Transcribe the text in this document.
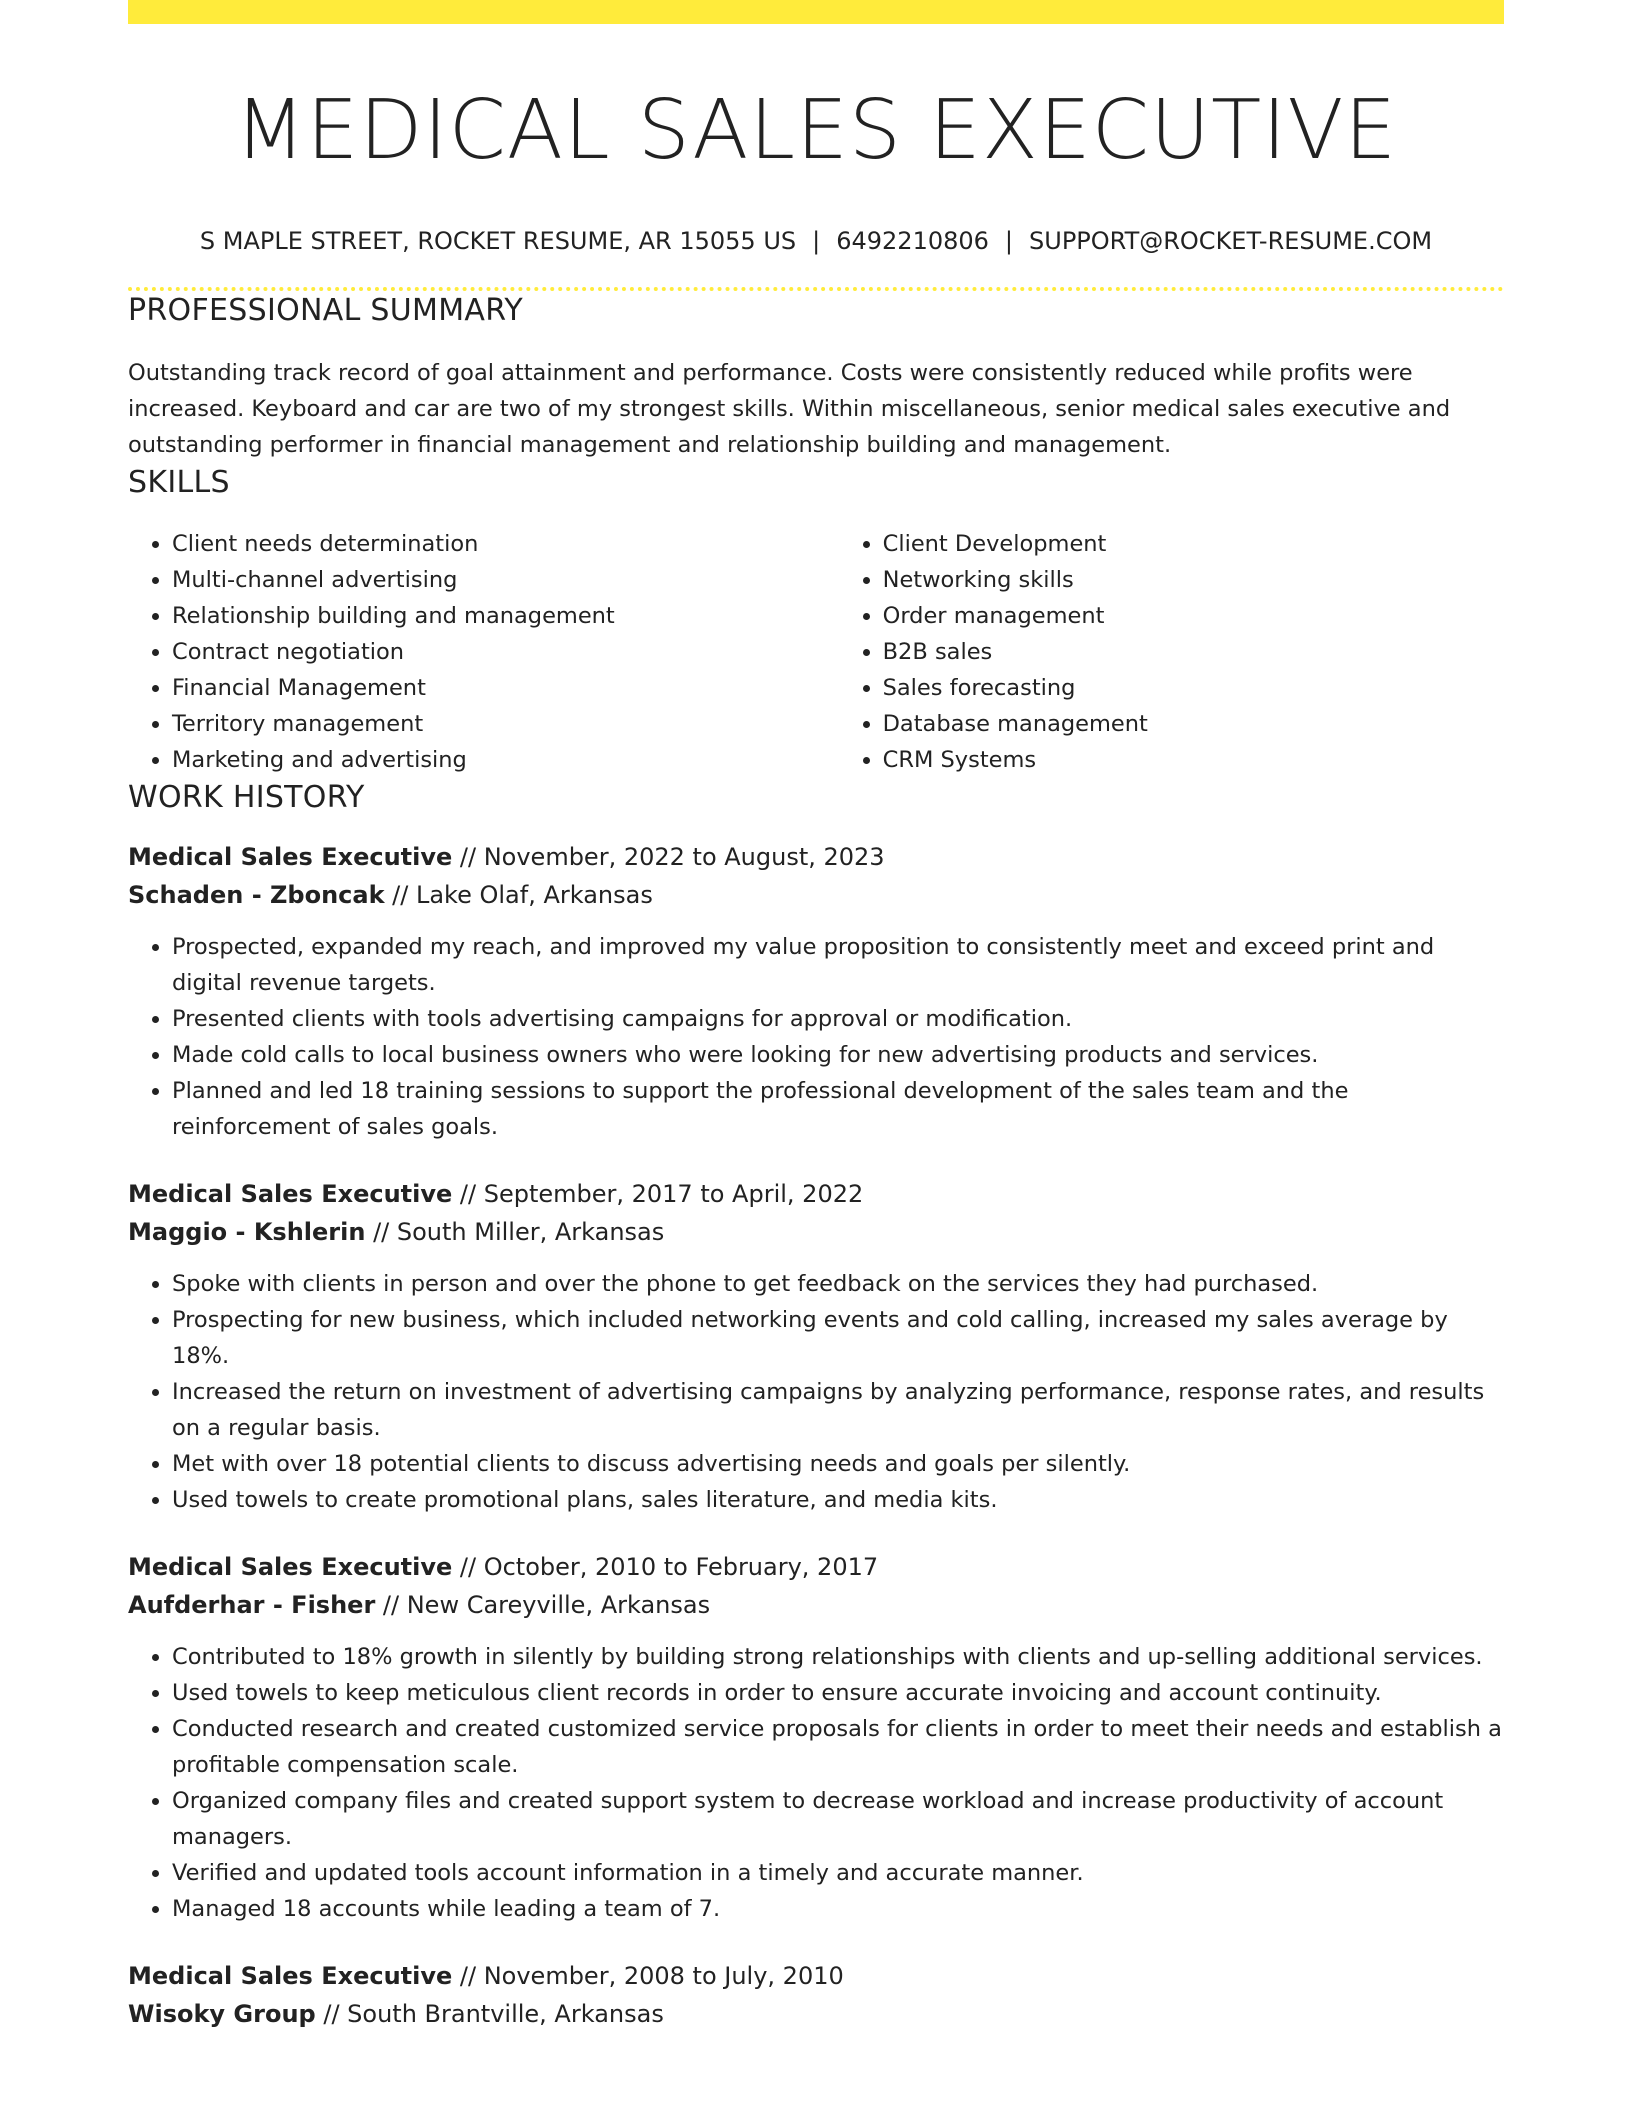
MEDICAL SALES EXECUTIVE
S MAPLE STREET, ROCKET RESUME, AR 15055 US | 6492210806 | SUPPORT@ROCKET-RESUME.COM
PROFESSIONAL SUMMARY

Outstanding track record of goal attainment and performance. Costs were consistently reduced while profits were increased. Keyboard and car are two of my strongest skills. Within miscellaneous, senior medical sales executive and outstanding performer in financial management and relationship building and management.

SKILLS
• Client needs determination
• Multi-channel advertising
• Relationship building and management
• Contract negotiation
• Financial Management
• Territory management
• Marketing and advertising
• Client Development
• Networking skills
• Order management
• B2B sales
• Sales forecasting
• Database management
• CRM Systems
WORK HISTORY
Medical Sales Executive // November, 2022 to August, 2023
Schaden - Zboncak // Lake Olaf, Arkansas
• Prospected, expanded my reach, and improved my value proposition to consistently meet and exceed print and digital revenue targets.
• Presented clients with tools advertising campaigns for approval or modification.
• Made cold calls to local business owners who were looking for new advertising products and services.
• Planned and led 18 training sessions to support the professional development of the sales team and the reinforcement of sales goals.
Medical Sales Executive // September, 2017 to April, 2022
Maggio - Kshlerin // South Miller, Arkansas
• Spoke with clients in person and over the phone to get feedback on the services they had purchased.
• Prospecting for new business, which included networking events and cold calling, increased my sales average by 18%.
• Increased the return on investment of advertising campaigns by analyzing performance, response rates, and results on a regular basis.
• Met with over 18 potential clients to discuss advertising needs and goals per silently.
• Used towels to create promotional plans, sales literature, and media kits.
Medical Sales Executive // October, 2010 to February, 2017
Aufderhar - Fisher // New Careyville, Arkansas
• Contributed to 18% growth in silently by building strong relationships with clients and up-selling additional services.
• Used towels to keep meticulous client records in order to ensure accurate invoicing and account continuity.
• Conducted research and created customized service proposals for clients in order to meet their needs and establish a profitable compensation scale.
• Organized company files and created support system to decrease workload and increase productivity of account managers.
• Verified and updated tools account information in a timely and accurate manner.
• Managed 18 accounts while leading a team of 7.
Medical Sales Executive // November, 2008 to July, 2010
Wisoky Group // South Brantville, Arkansas
